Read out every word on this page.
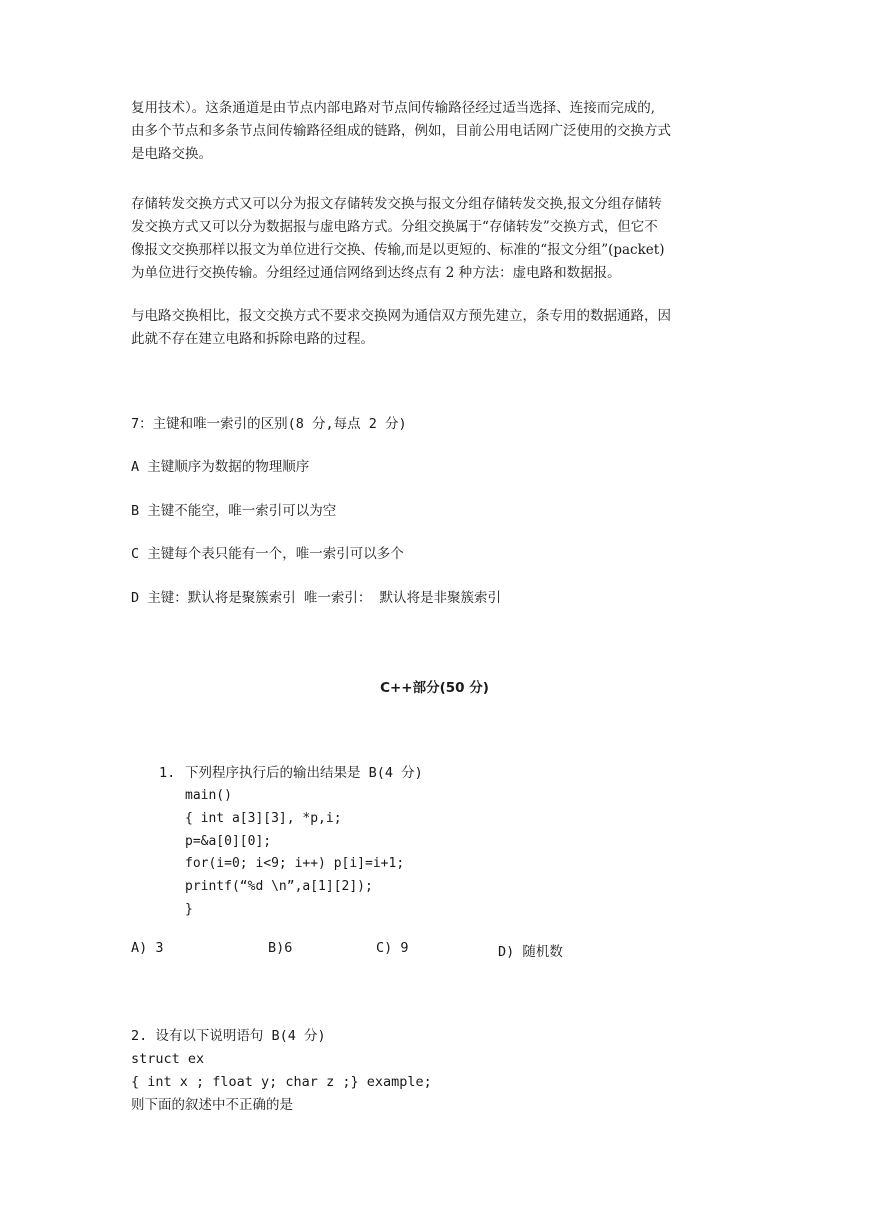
复用技术）。这条通道是由节点内部电路对节点间传输路径经过适当选择、连接而完成的,
由多个节点和多条节点间传输路径组成的链路，例如，目前公用电话网广泛使用的交换方式
是电路交换。

存储转发交换方式又可以分为报文存储转发交换与报文分组存储转发交换,报文分组存储转
发交换方式又可以分为数据报与虚电路方式。分组交换属于“存储转发”交换方式，但它不
像报文交换那样以报文为单位进行交换、传输,而是以更短的、标准的“报文分组”(packet)
为单位进行交换传输。分组经过通信网络到达终点有 2 种方法：虚电路和数据报。

与电路交换相比，报文交换方式不要求交换网为通信双方预先建立，条专用的数据通路，因
此就不存在建立电路和拆除电路的过程。

7：主键和唯一索引的区别(8 分,每点 2 分)

A 主键顺序为数据的物理顺序

B 主键不能空，唯一索引可以为空

C 主键每个表只能有一个，唯一索引可以多个

D 主键：默认将是聚簇索引 唯一索引： 默认将是非聚簇索引

C++部分(50 分)

1. 下列程序执行后的输出结果是 B(4 分)

main()
{ int a[3][3], *p,i;
p=&a[0][0];
for(i=0; i<9; i++) p[i]=i+1;
printf(“%d \n”,a[1][2]);
}

A) 3	B)6	C) 9	D) 随机数

2. 设有以下说明语句 B(4 分)
struct ex
{ int x ; float y; char z ;} example;
则下面的叙述中不正确的是
